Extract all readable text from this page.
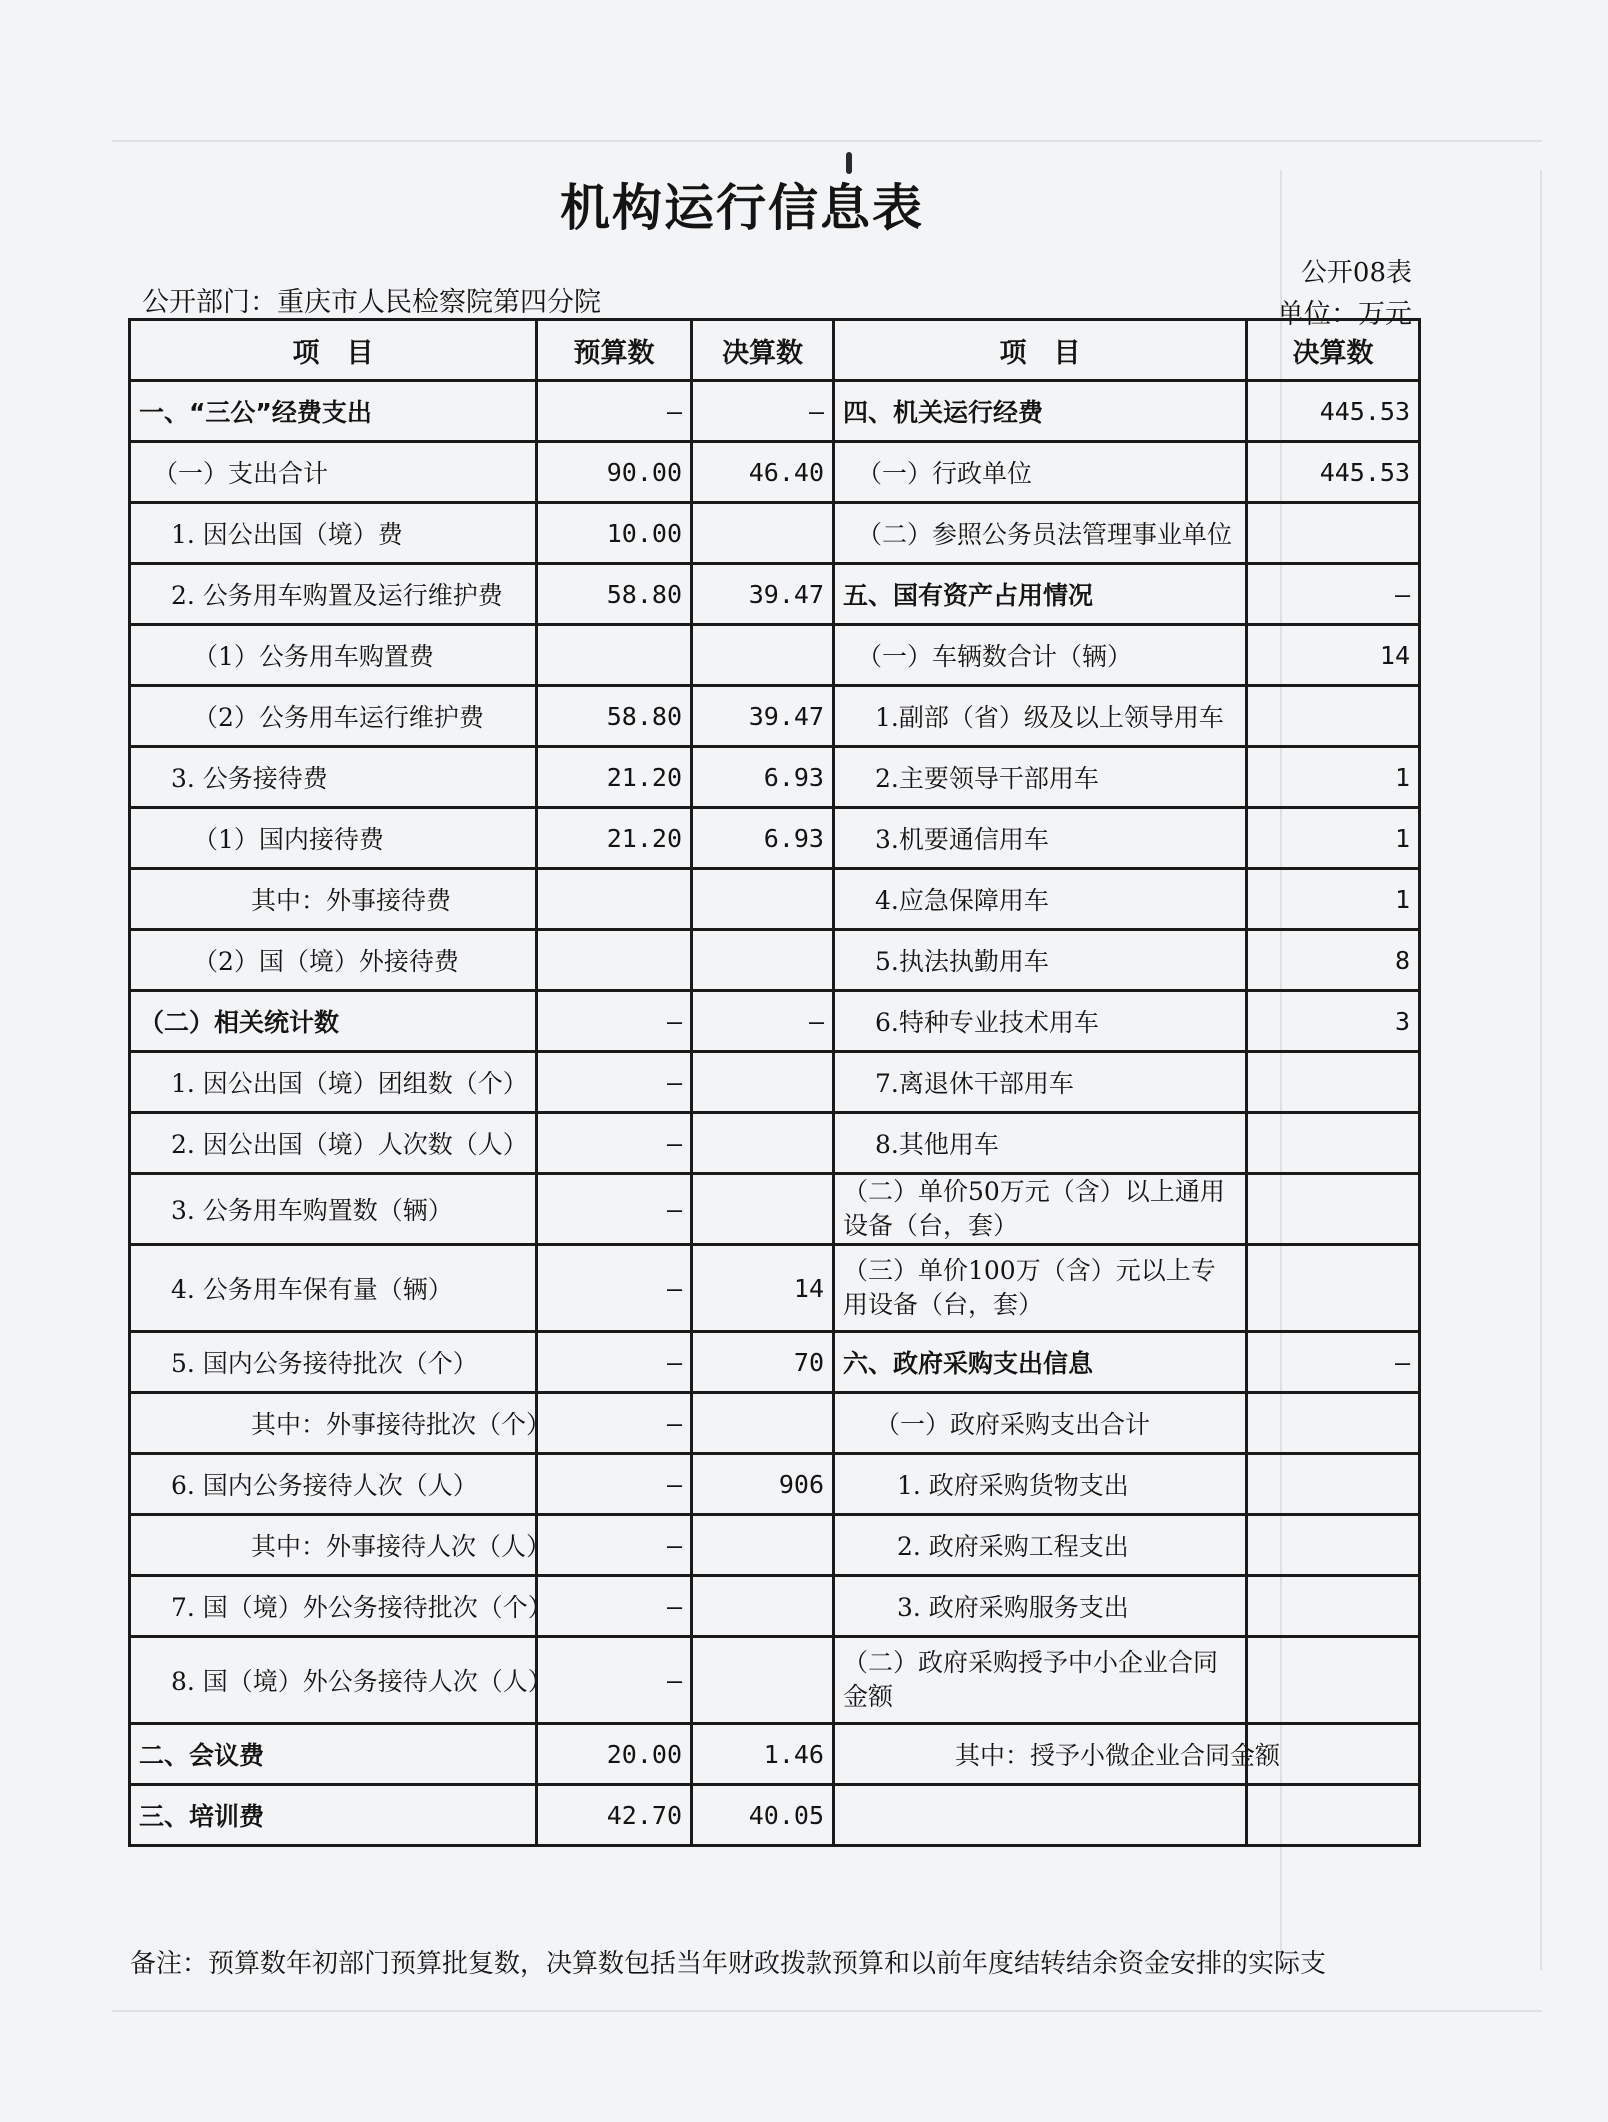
机构运行信息表
公开08表
公开部门：重庆市人民检察院第四分院	单位：万元
项　目	预算数	决算数	项　目	决算数
一、“三公”经费支出	—	—	四、机关运行经费	445.53
（一）支出合计	90.00	46.40	（一）行政单位	445.53
1. 因公出国（境）费	10.00		（二）参照公务员法管理事业单位	
2. 公务用车购置及运行维护费	58.80	39.47	五、国有资产占用情况	—
（1）公务用车购置费			（一）车辆数合计（辆）	14
（2）公务用车运行维护费	58.80	39.47	1.副部（省）级及以上领导用车	
3. 公务接待费	21.20	6.93	2.主要领导干部用车	1
（1）国内接待费	21.20	6.93	3.机要通信用车	1
其中：外事接待费			4.应急保障用车	1
（2）国（境）外接待费			5.执法执勤用车	8
（二）相关统计数	—	—	6.特种专业技术用车	3
1. 因公出国（境）团组数（个）	—		7.离退休干部用车	
2. 因公出国（境）人次数（人）	—		8.其他用车	
3. 公务用车购置数（辆）	—		（二）单价50万元（含）以上通用设备（台，套）	
4. 公务用车保有量（辆）	—	14	（三）单价100万（含）元以上专用设备（台，套）	
5. 国内公务接待批次（个）	—	70	六、政府采购支出信息	—
其中：外事接待批次（个）	—		（一）政府采购支出合计	
6. 国内公务接待人次（人）	—	906	1. 政府采购货物支出	
其中：外事接待人次（人）	—		2. 政府采购工程支出	
7. 国（境）外公务接待批次（个）	—		3. 政府采购服务支出	
8. 国（境）外公务接待人次（人）	—		（二）政府采购授予中小企业合同金额	
二、会议费	20.00	1.46	其中：授予小微企业合同金额	
三、培训费	42.70	40.05		
备注：预算数年初部门预算批复数，决算数包括当年财政拨款预算和以前年度结转结余资金安排的实际支
